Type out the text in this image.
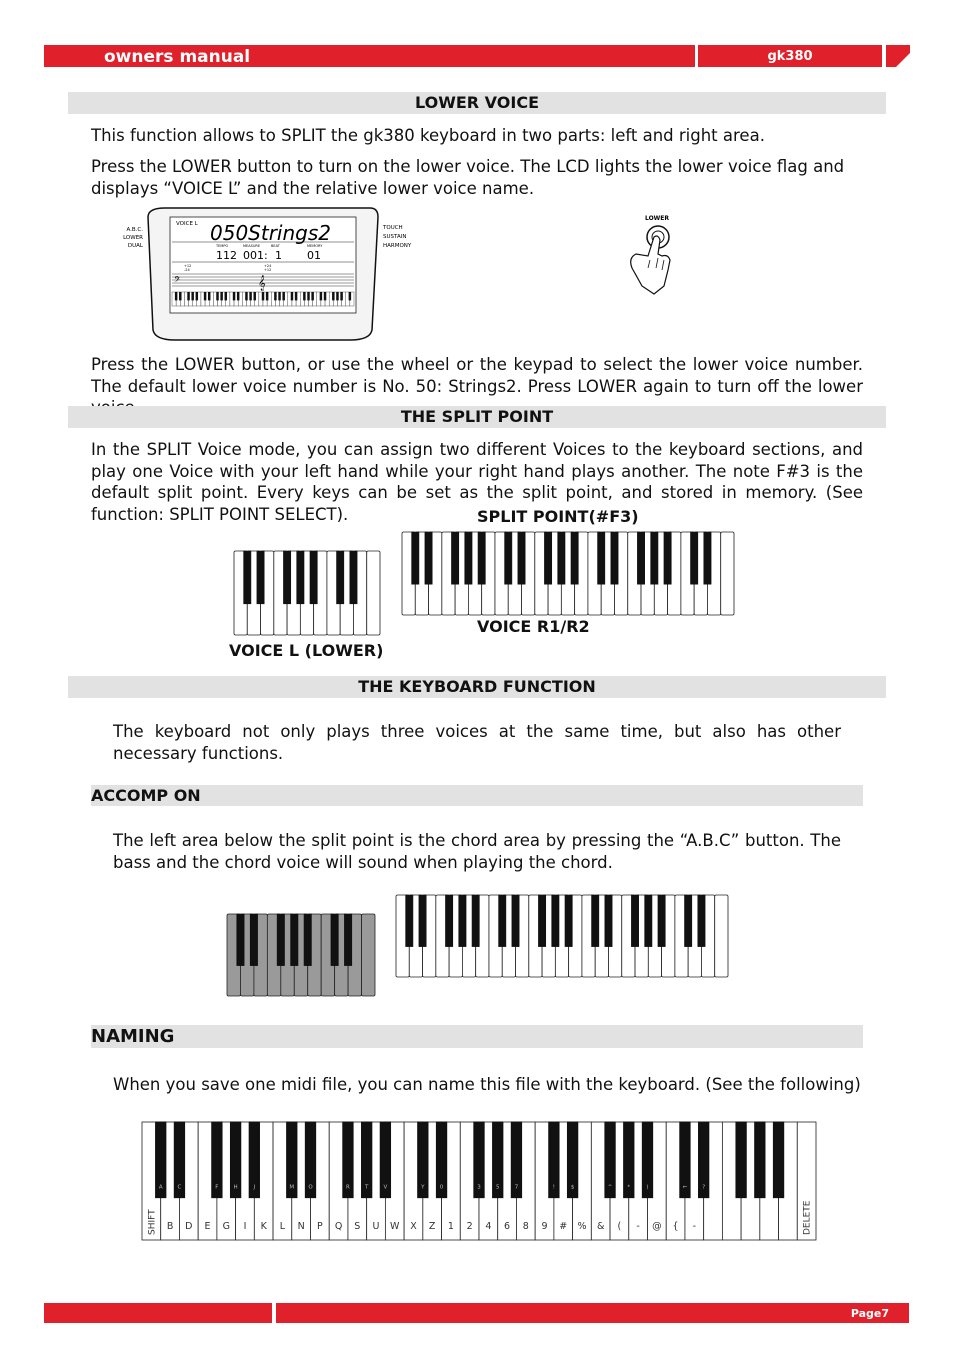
owners manual	gk380
LOWER VOICE

This function allows to SPLIT the gk380 keyboard in two parts: left and right area.

Press the LOWER button to turn on the lower voice. The LCD lights the lower voice flag and displays “VOICE L” and the relative lower voice name.

A.B.C.
LOWER
DUAL
TOUCH
SUSTAIN
HARMONY
VOICE L 050Strings2
TEMPO	MEASURE	BEAT	MEMORY
112 001: 1 01
+12
-24
+24
+12
𝄢	𝄞
LOWER

Press the LOWER button, or use the wheel or the keypad to select the lower voice number. The default lower voice number is No. 50: Strings2. Press LOWER again to turn off the lower

THE SPLIT POINT

In the SPLIT Voice mode, you can assign two different Voices to the keyboard sections, and play one Voice with your left hand while your right hand plays another. The note F#3 is the default split point. Every keys can be set as the split point, and stored in memory. (See function: SPLIT POINT SELECT).	SPLIT POINT(#F3)
VOICE R1/R2
VOICE L (LOWER)
THE KEYBOARD FUNCTION

The keyboard not only plays three voices at the same time, but also has other necessary functions.

ACCOMP ON

The left area below the split point is the chord area by pressing the “A.B.C” button. The bass and the chord voice will sound when playing the chord.

NAMING

When you save one midi file, you can name this file with the keyboard. (See the following)

SHIFT B D E G I K L N P Q S U W X Z 1 2 4 6 8 9 # % & ( - @ { -	DELETE
A	C	F	H	J	M	O	R	T	V	Y	0	3	5	7	!	$	^	*	)	←	?
Page7
